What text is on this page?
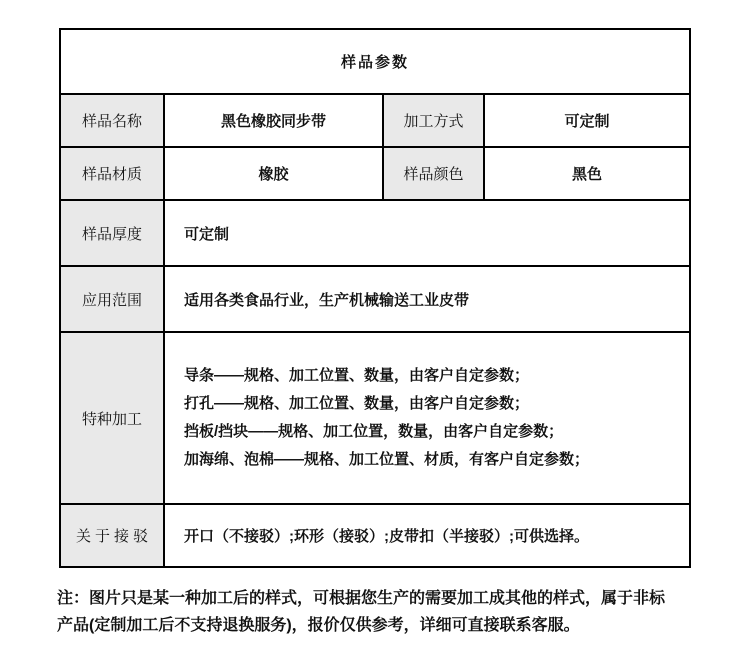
样品参数			
样品名称	黑色橡胶同步带	加工方式	可定制
样品材质	橡胶	样品颜色	黑色
样品厚度	可定制		
应用范围	适用各类食品行业，生产机械输送工业皮带		
特种加工	导条——规格、加工位置、数量，由客户自定参数；

打孔——规格、加工位置、数量，由客户自定参数；

挡板/挡块——规格、加工位置，数量，由客户自定参数；

加海绵、泡棉——规格、加工位置、材质，有客户自定参数；		

关于接驳	开口（不接驳）;环形（接驳）;皮带扣（半接驳）;可供选择。		
注：图片只是某一种加工后的样式，可根据您生产的需要加工成其他的样式，属于非标
产品(定制加工后不支持退换服务)，报价仅供参考，详细可直接联系客服。
